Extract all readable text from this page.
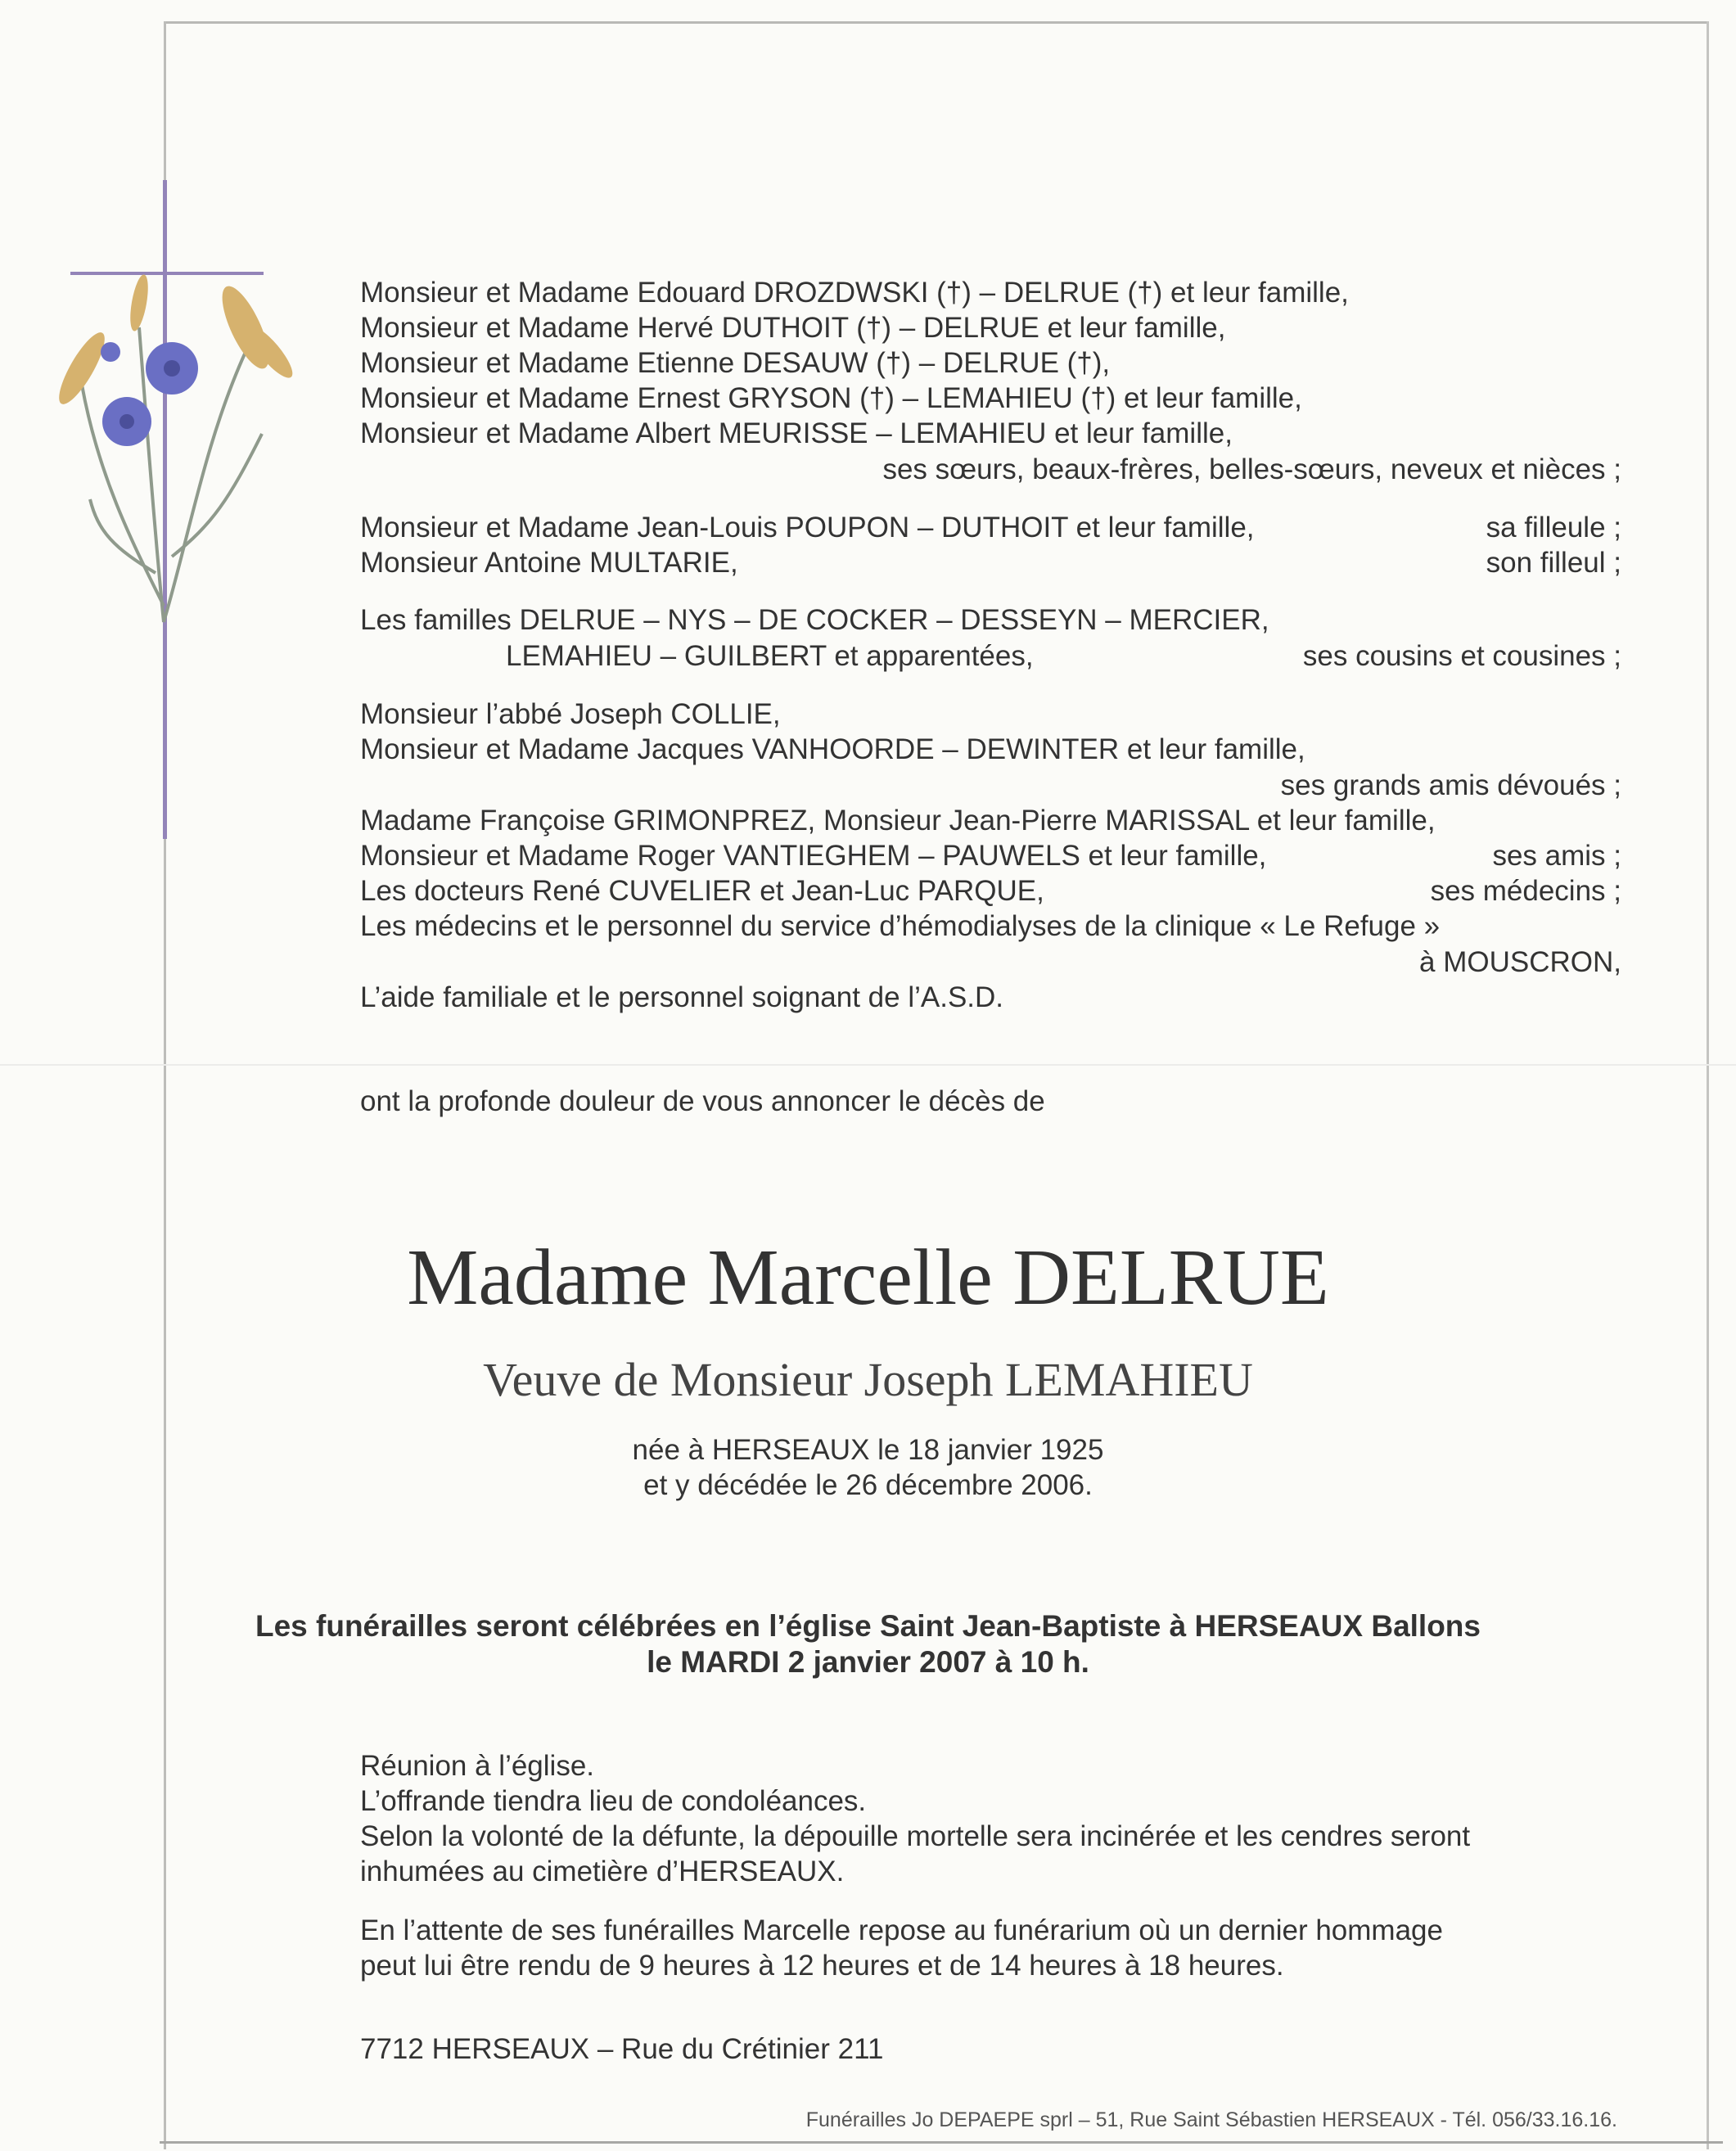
Monsieur et Madame Edouard DROZDWSKI (†) – DELRUE (†) et leur famille,
Monsieur et Madame Hervé DUTHOIT (†) – DELRUE et leur famille,
Monsieur et Madame Etienne DESAUW (†) – DELRUE (†),
Monsieur et Madame Ernest GRYSON (†) – LEMAHIEU (†) et leur famille,
Monsieur et Madame Albert MEURISSE – LEMAHIEU et leur famille,
ses sœurs, beaux-frères, belles-sœurs, neveux et nièces ;
Monsieur et Madame Jean-Louis POUPON – DUTHOIT et leur famille,	sa filleule ;
Monsieur Antoine MULTARIE,	son filleul ;
Les familles DELRUE – NYS – DE COCKER – DESSEYN – MERCIER,
LEMAHIEU – GUILBERT et apparentées,	ses cousins et cousines ;
Monsieur l’abbé Joseph COLLIE,
Monsieur et Madame Jacques VANHOORDE – DEWINTER et leur famille,
ses grands amis dévoués ;
Madame Françoise GRIMONPREZ, Monsieur Jean-Pierre MARISSAL et leur famille,
Monsieur et Madame Roger VANTIEGHEM – PAUWELS et leur famille,	ses amis ;
Les docteurs René CUVELIER et Jean-Luc PARQUE,	ses médecins ;
Les médecins et le personnel du service d’hémodialyses de la clinique « Le Refuge »
à MOUSCRON,
L’aide familiale et le personnel soignant de l’A.S.D.
ont la profonde douleur de vous annoncer le décès de
Madame Marcelle DELRUE
Veuve de Monsieur Joseph LEMAHIEU
née à HERSEAUX le 18 janvier 1925
et y décédée le 26 décembre 2006.
Les funérailles seront célébrées en l’église Saint Jean-Baptiste à HERSEAUX Ballons
le MARDI 2 janvier 2007 à 10 h.
Réunion à l’église.
L’offrande tiendra lieu de condoléances.
Selon la volonté de la défunte, la dépouille mortelle sera incinérée et les cendres seront
inhumées au cimetière d’HERSEAUX.
En l’attente de ses funérailles Marcelle repose au funérarium où un dernier hommage
peut lui être rendu de 9 heures à 12 heures et de 14 heures à 18 heures.
7712 HERSEAUX – Rue du Crétinier 211
Funérailles Jo DEPAEPE sprl – 51, Rue Saint Sébastien HERSEAUX - Tél. 056/33.16.16.
